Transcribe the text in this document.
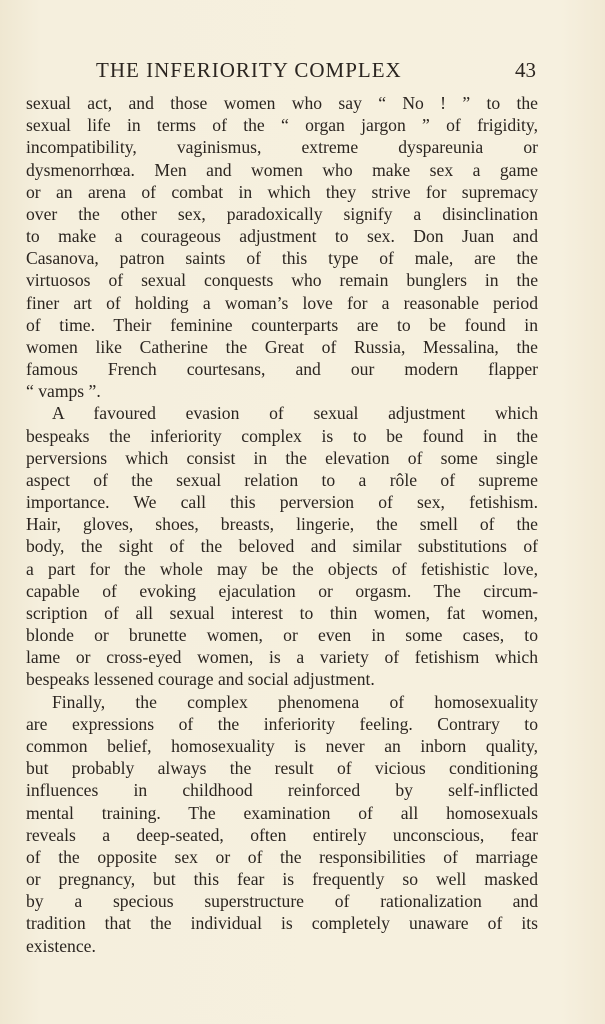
THE INFERIORITY COMPLEX	43
sexual act, and those women who say “ No ! ” to the
sexual life in terms of the “ organ jargon ” of frigidity,
incompatibility, vaginismus, extreme dyspareunia or
dysmenorrhœa. Men and women who make sex a game
or an arena of combat in which they strive for supremacy
over the other sex, paradoxically signify a disinclination
to make a courageous adjustment to sex. Don Juan and
Casanova, patron saints of this type of male, are the
virtuosos of sexual conquests who remain bunglers in the
finer art of holding a woman’s love for a reasonable period
of time. Their feminine counterparts are to be found in
women like Catherine the Great of Russia, Messalina, the
famous French courtesans, and our modern flapper
“ vamps ”.
A favoured evasion of sexual adjustment which
bespeaks the inferiority complex is to be found in the
perversions which consist in the elevation of some single
aspect of the sexual relation to a rôle of supreme
importance. We call this perversion of sex, fetishism.
Hair, gloves, shoes, breasts, lingerie, the smell of the
body, the sight of the beloved and similar substitutions of
a part for the whole may be the objects of fetishistic love,
capable of evoking ejaculation or orgasm. The circum-
scription of all sexual interest to thin women, fat women,
blonde or brunette women, or even in some cases, to
lame or cross-eyed women, is a variety of fetishism which
bespeaks lessened courage and social adjustment.
Finally, the complex phenomena of homosexuality
are expressions of the inferiority feeling. Contrary to
common belief, homosexuality is never an inborn quality,
but probably always the result of vicious conditioning
influences in childhood reinforced by self-inflicted
mental training. The examination of all homosexuals
reveals a deep-seated, often entirely unconscious, fear
of the opposite sex or of the responsibilities of marriage
or pregnancy, but this fear is frequently so well masked
by a specious superstructure of rationalization and
tradition that the individual is completely unaware of its
existence.
